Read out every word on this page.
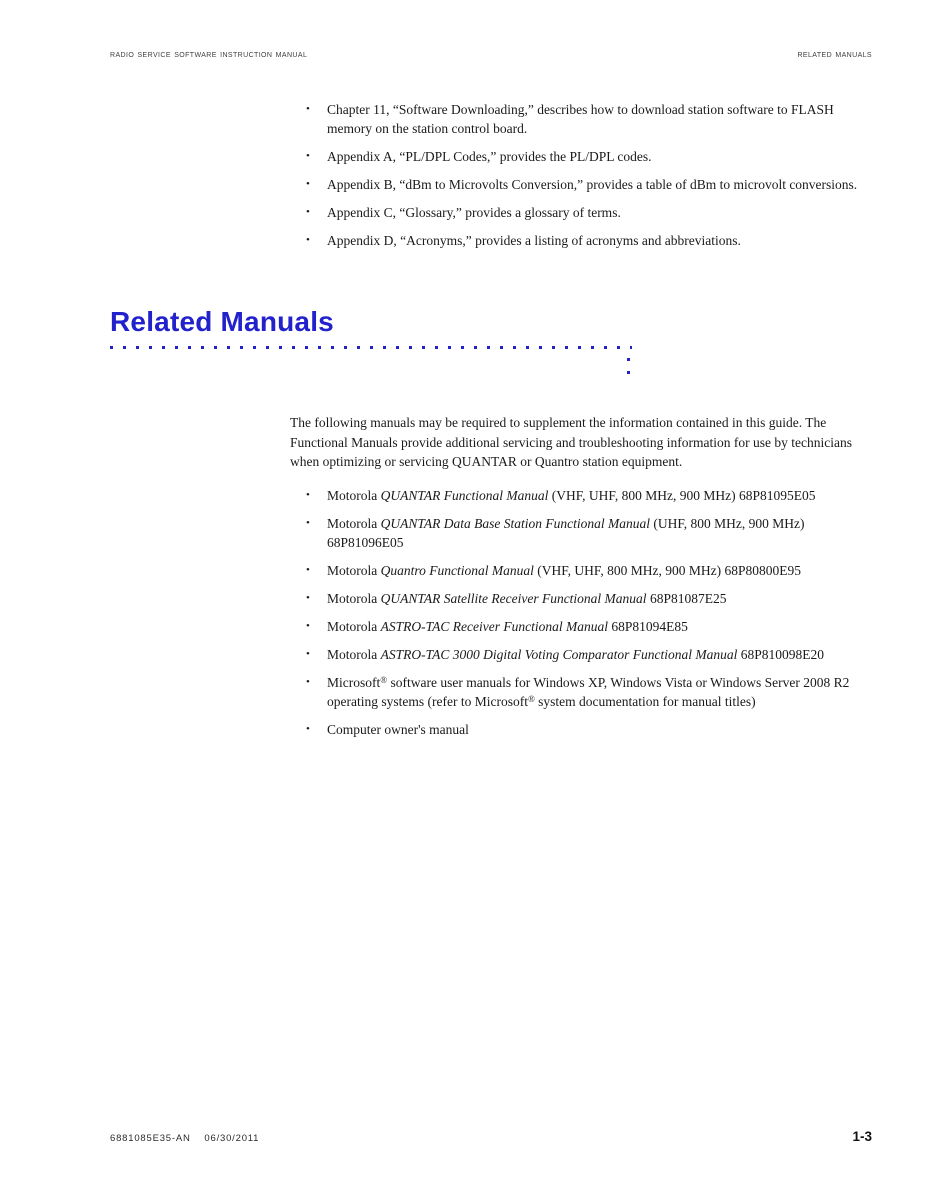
radio service software instruction manual	related manuals
• Chapter 11, “Software Downloading,” describes how to download station software to FLASH memory on the station control board.
• Appendix A, “PL/DPL Codes,” provides the PL/DPL codes.
• Appendix B, “dBm to Microvolts Conversion,” provides a table of dBm to microvolt conversions.
• Appendix C, “Glossary,” provides a glossary of terms.
• Appendix D, “Acronyms,” provides a listing of acronyms and abbreviations.
Related Manuals

The following manuals may be required to supplement the information contained in this guide. The Functional Manuals provide additional servicing and troubleshooting information for use by technicians when optimizing or servicing QUANTAR or Quantro station equipment.

• Motorola QUANTAR Functional Manual (VHF, UHF, 800 MHz, 900 MHz) 68P81095E05
• Motorola QUANTAR Data Base Station Functional Manual (UHF, 800 MHz, 900 MHz) 68P81096E05
• Motorola Quantro Functional Manual (VHF, UHF, 800 MHz, 900 MHz) 68P80800E95
• Motorola QUANTAR Satellite Receiver Functional Manual 68P81087E25
• Motorola ASTRO-TAC Receiver Functional Manual 68P81094E85
• Motorola ASTRO-TAC 3000 Digital Voting Comparator Functional Manual 68P810098E20
• Microsoft® software user manuals for Windows XP, Windows Vista or Windows Server 2008 R2 operating systems (refer to Microsoft® system documentation for manual titles)
• Computer owner's manual
6881085E35-AN    06/30/2011	1-3
